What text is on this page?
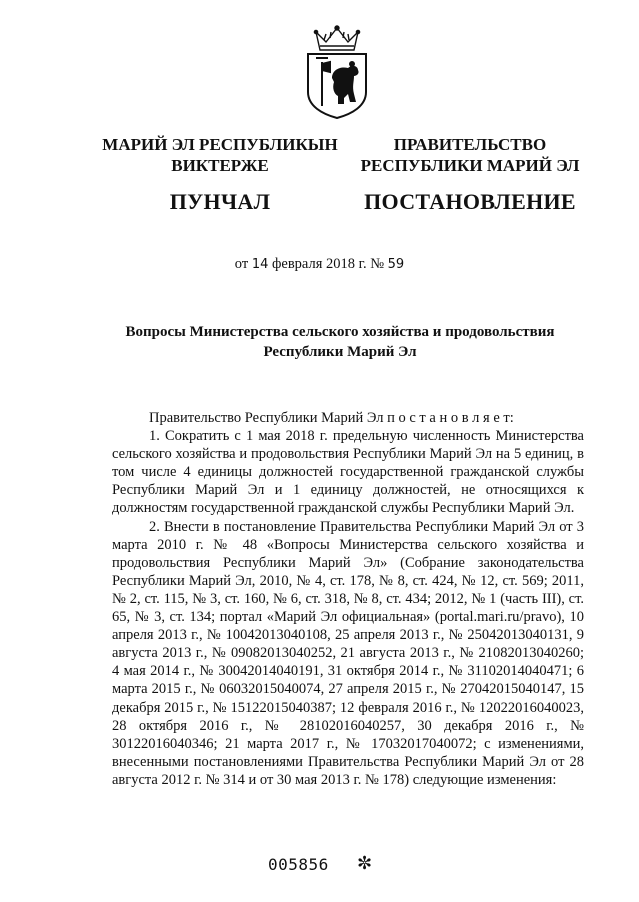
МАРИЙ ЭЛ РЕСПУБЛИКЫН
ВИКТЕРЖЕ
ПУНЧАЛ
ПРАВИТЕЛЬСТВО
РЕСПУБЛИКИ МАРИЙ ЭЛ
ПОСТАНОВЛЕНИЕ
от 14 февраля 2018 г. № 59
Вопросы Министерства сельского хозяйства и продовольствия
Республики Марий Эл

Правительство Республики Марий Эл п о с т а н о в л я е т:

1. Сократить с 1 мая 2018 г. предельную численность Министерства сельского хозяйства и продовольствия Республики Марий Эл на 5 единиц, в том числе 4 единицы должностей государственной гражданской службы Республики Марий Эл и 1 единицу должностей, не относящихся к должностям государственной гражданской службы Республики Марий Эл.

2. Внести в постановление Правительства Республики Марий Эл от 3 марта 2010 г. № 48 «Вопросы Министерства сельского хозяйства и продовольствия Республики Марий Эл» (Собрание законодательства Республики Марий Эл, 2010, № 4, ст. 178, № 8, ст. 424, № 12, ст. 569; 2011, № 2, ст. 115, № 3, ст. 160, № 6, ст. 318, № 8, ст. 434; 2012, № 1 (часть III), ст. 65, № 3, ст. 134; портал «Марий Эл официальная» (portal.mari.ru/pravo), 10 апреля 2013 г., № 10042013040108, 25 апреля 2013 г., № 25042013040131, 9 августа 2013 г., № 09082013040252, 21 августа 2013 г., № 21082013040260; 4 мая 2014 г., № 30042014040191, 31 октября 2014 г., № 31102014040471; 6 марта 2015 г., № 06032015040074, 27 апреля 2015 г., № 27042015040147, 15 декабря 2015 г., № 15122015040387; 12 февраля 2016 г., № 12022016040023, 28 октября 2016 г., № 28102016040257, 30 декабря 2016 г., № 30122016040346; 21 марта 2017 г., № 17032017040072; с изменениями, внесенными постановлениями Правительства Республики Марий Эл от 28 августа 2012 г. № 314 и от 30 мая 2013 г. № 178) следующие изменения:

005856 ✼
